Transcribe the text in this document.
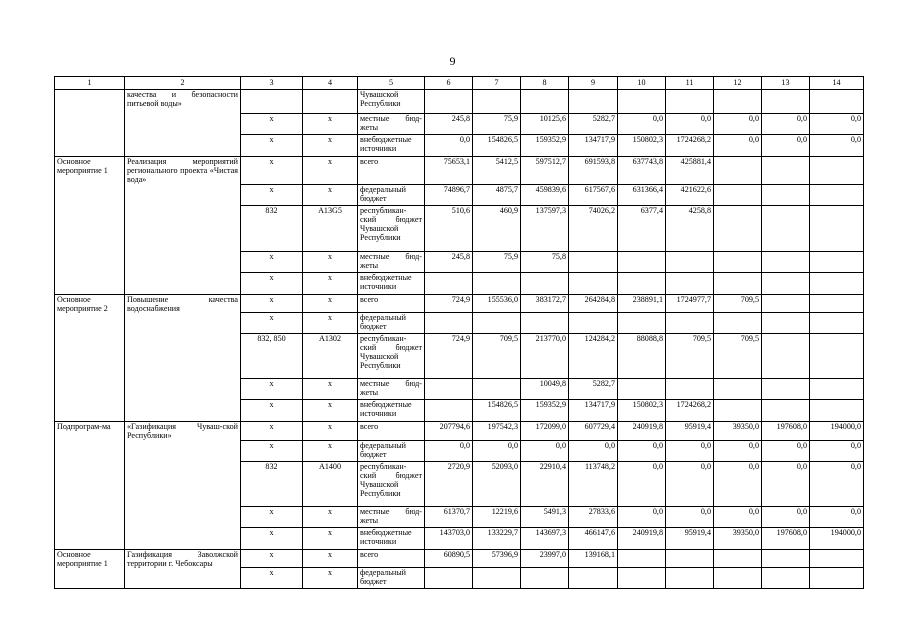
9
1	2	3	4	5	6	7	8	9	10	11	12	13	14
	качества и безопасности питьевой воды»			Чувашской Республики									
		х	х	местные бюд-жеты	245,8	75,9	10125,6	5282,7	0,0	0,0	0,0	0,0	0,0
		х	х	внебюджетные источники	0,0	154826,5	159352,9	134717,9	150802,3	1724268,2	0,0	0,0	0,0
Основное мероприятие 1	Реализация мероприятий регионального проекта «Чистая вода»	х	х	всего	75653,1	5412,5	597512,7	691593,8	637743,8	425881,4			
		х	х	федеральный бюджет	74896,7	4875,7	459839,6	617567,6	631366,4	421622,6			
		832	А13G5	республикан-ский бюджет Чувашской Республики	510,6	460,9	137597,3	74026,2	6377,4	4258,8			
		х	х	местные бюд-жеты	245,8	75,9	75,8						
		х	х	внебюджетные источники									
Основное мероприятие 2	Повышение качества водоснабжения	х	х	всего	724,9	155536,0	383172,7	264284,8	238891,1	1724977,7	709,5		
		х	х	федеральный бюджет									
		832, 850	А1302	республикан-ский бюджет Чувашской Республики	724,9	709,5	213770,0	124284,2	88088,8	709,5	709,5		
		х	х	местные бюд-жеты			10049,8	5282,7					
		х	х	внебюджетные источники		154826,5	159352,9	134717,9	150802,3	1724268,2			
Подпрограм-ма	«Газификация Чуваш-ской Республики»	х	х	всего	207794,6	197542,3	172099,0	607729,4	240919,8	95919,4	39350,0	197608,0	194000,0
		х	х	федеральный бюджет	0,0	0,0	0,0	0,0	0,0	0,0	0,0	0,0	0,0
		832	А1400	республикан-ский бюджет Чувашской Республики	2720,9	52093,0	22910,4	113748,2	0,0	0,0	0,0	0,0	0,0
		х	х	местные бюд-жеты	61370,7	12219,6	5491,3	27833,6	0,0	0,0	0,0	0,0	0,0
		х	х	внебюджетные источники	143703,0	133229,7	143697,3	466147,6	240919,8	95919,4	39350,0	197608,0	194000,0
Основное мероприятие 1	Газификация Заволжской территории г. Чебоксары	х	х	всего	60890,5	57396,9	23997,0	139168,1					
		х	х	федеральный бюджет									
